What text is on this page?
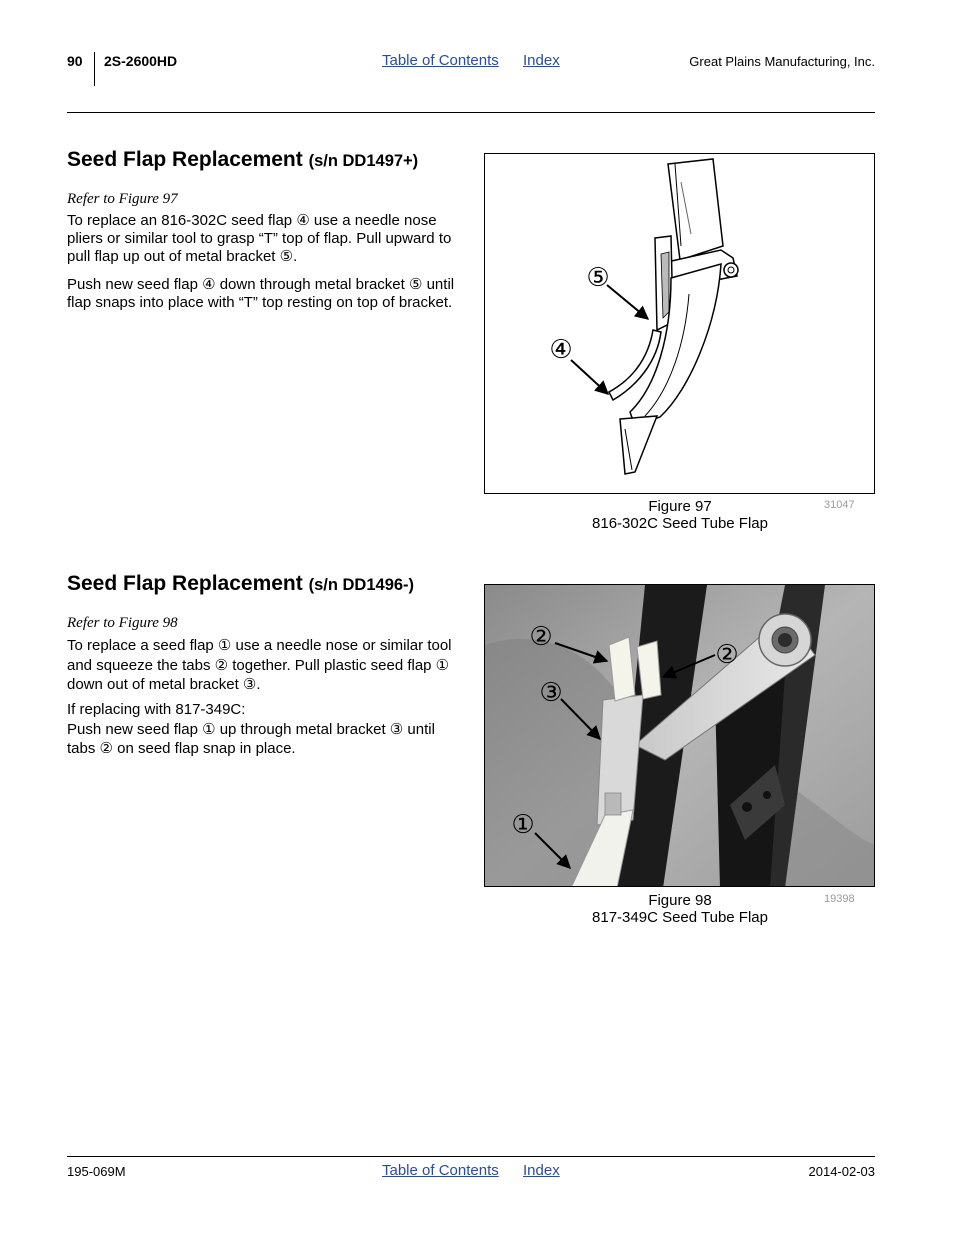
90 2S-2600HD	Table of Contents Index	Great Plains Manufacturing, Inc.
Seed Flap Replacement (s/n DD1497+)
Refer to Figure 97
To replace an 816-302C seed flap ④ use a needle nose pliers or similar tool to grasp “T” top of flap. Pull upward to pull flap up out of metal bracket ⑤.
Push new seed flap ④ down through metal bracket ⑤ until flap snaps into place with “T” top resting on top of bracket.
⑤
④
Figure 97
816-302C Seed Tube Flap
31047
Seed Flap Replacement (s/n DD1496-)
Refer to Figure 98
To replace a seed flap ① use a needle nose or similar tool and squeeze the tabs ② together. Pull plastic seed flap ① down out of metal bracket ③.
If replacing with 817-349C:
Push new seed flap ① up through metal bracket ③ until tabs ② on seed flap snap in place.
②
②
③
①
Figure 98
817-349C Seed Tube Flap
19398
195-069M	Table of Contents Index	2014-02-03
